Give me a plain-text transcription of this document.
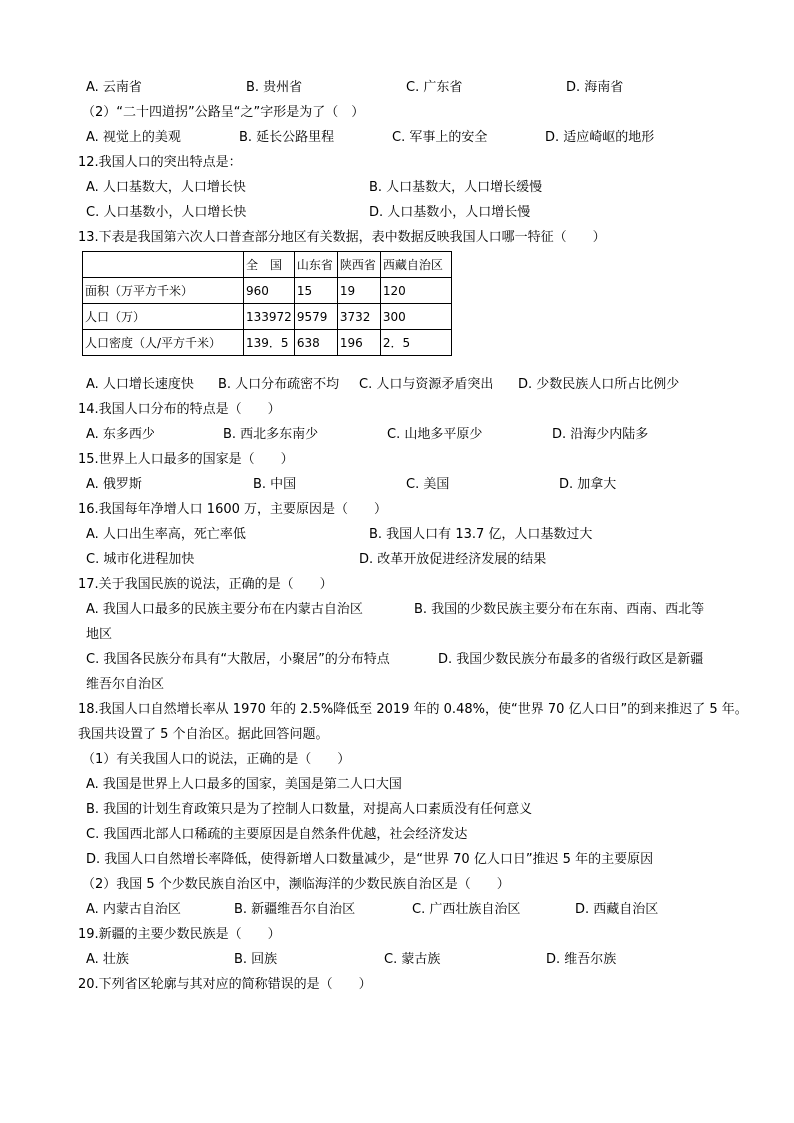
A. 云南省	B. 贵州省	C. 广东省	D. 海南省
（2）“二十四道拐”公路呈“之”字形是为了（　）
A. 视觉上的美观	B. 延长公路里程	C. 军事上的安全	D. 适应崎岖的地形
12.我国人口的突出特点是：
A. 人口基数大，人口增长快	B. 人口基数大，人口增长缓慢
C. 人口基数小，人口增长快	D. 人口基数小，人口增长慢
13.下表是我国第六次人口普查部分地区有关数据，表中数据反映我国人口哪一特征（　　）
	全　国	山东省	陕西省	西藏自治区
面积（万平方千米）	960	15	19	120
人口（万）	133972	9579	3732	300
人口密度（人/平方千米）	139．5	638	196	2．5
A. 人口增长速度快 B. 人口分布疏密不均 C. 人口与资源矛盾突出 D. 少数民族人口所占比例少
14.我国人口分布的特点是（　　）
A. 东多西少	B. 西北多东南少	C. 山地多平原少	D. 沿海少内陆多
15.世界上人口最多的国家是（　　）
A. 俄罗斯	B. 中国	C. 美国	D. 加拿大
16.我国每年净增人口 1600 万，主要原因是（　　）
A. 人口出生率高，死亡率低	B. 我国人口有 13.7 亿，人口基数过大
C. 城市化进程加快	D. 改革开放促进经济发展的结果
17.关于我国民族的说法，正确的是（　　）
A. 我国人口最多的民族主要分布在内蒙古自治区	B. 我国的少数民族主要分布在东南、西南、西北等
地区
C. 我国各民族分布具有“大散居，小聚居”的分布特点	D. 我国少数民族分布最多的省级行政区是新疆
维吾尔自治区
18.我国人口自然增长率从 1970 年的 2.5%降低至 2019 年的 0.48%，使“世界 70 亿人口日”的到来推迟了 5 年。
我国共设置了 5 个自治区。据此回答问题。
（1）有关我国人口的说法，正确的是（　　）
A. 我国是世界上人口最多的国家，美国是第二人口大国
B. 我国的计划生育政策只是为了控制人口数量，对提高人口素质没有任何意义
C. 我国西北部人口稀疏的主要原因是自然条件优越，社会经济发达
D. 我国人口自然增长率降低，使得新增人口数量减少，是“世界 70 亿人口日”推迟 5 年的主要原因
（2）我国 5 个少数民族自治区中，濒临海洋的少数民族自治区是（　　）
A. 内蒙古自治区	B. 新疆维吾尔自治区	C. 广西壮族自治区	D. 西藏自治区
19.新疆的主要少数民族是（　　）
A. 壮族	B. 回族	C. 蒙古族	D. 维吾尔族
20.下列省区轮廓与其对应的简称错误的是（　　）
